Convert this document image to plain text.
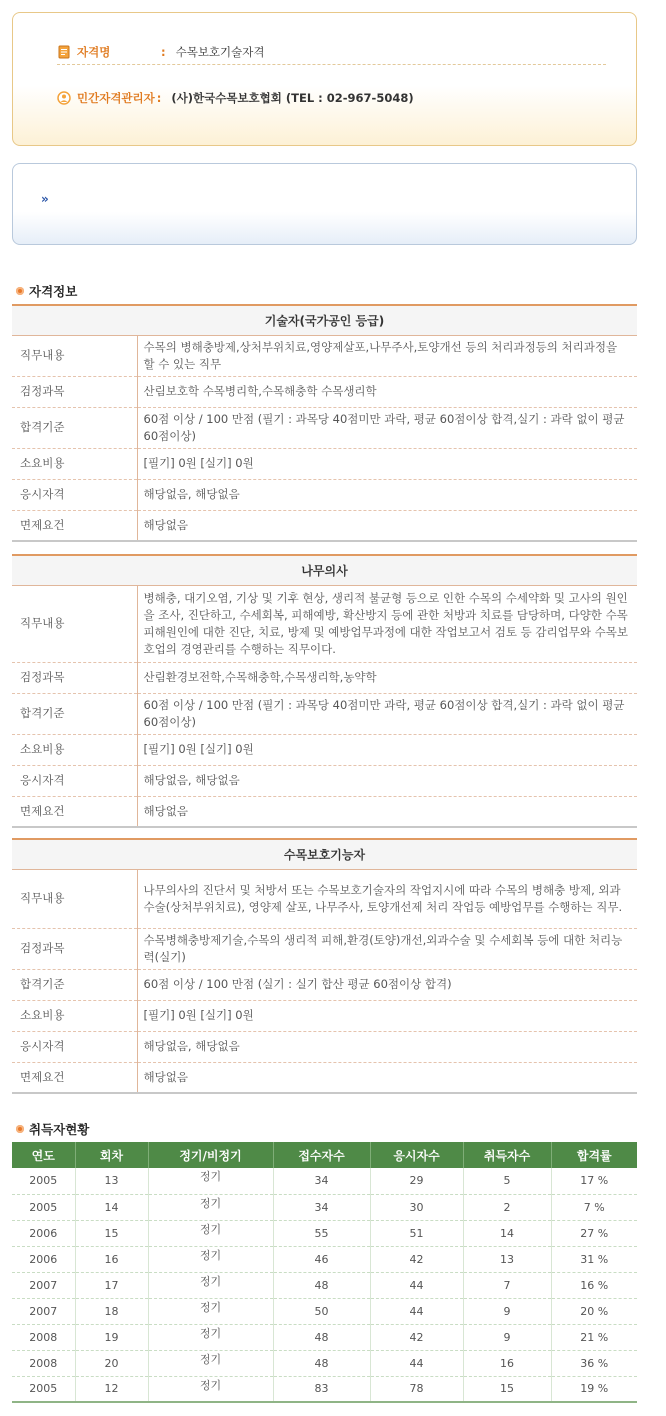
자격명	: 수목보호기술자격
민간자격관리자 : (사)한국수목보호협회 (TEL : 02-967-5048)
»
자격정보
기술자(국가공인 등급)	
직무내용	수목의 병해충방제,상처부위치료,영양제살포,나무주사,토양개선 등의 처리과정등의 처리과정을 할 수 있는 직무
검정과목	산림보호학 수목병리학,수목해충학 수목생리학
합격기준	60점 이상 / 100 만점 (필기 : 과목당 40점미만 과락, 평균 60점이상 합격,실기 : 과락 없이 평균 60점이상)
소요비용	[필기] 0원 [실기] 0원
응시자격	해당없음, 해당없음
면제요건	해당없음
나무의사	
직무내용	병해충, 대기오염, 기상 및 기후 현상, 생리적 불균형 등으로 인한 수목의 수세약화 및 고사의 원인을 조사, 진단하고, 수세회복, 피해예방, 확산방지 등에 관한 처방과 치료를 담당하며, 다양한 수목피해원인에 대한 진단, 치료, 방제 및 예방업무과정에 대한 작업보고서 검토 등 감리업무와 수목보호업의 경영관리를 수행하는 직무이다.
검정과목	산림환경보전학,수목해충학,수목생리학,농약학
합격기준	60점 이상 / 100 만점 (필기 : 과목당 40점미만 과락, 평균 60점이상 합격,실기 : 과락 없이 평균 60점이상)
소요비용	[필기] 0원 [실기] 0원
응시자격	해당없음, 해당없음
면제요건	해당없음
수목보호기능자	
직무내용	나무의사의 진단서 및 처방서 또는 수목보호기술자의 작업지시에 따라 수목의 병해충 방제, 외과수술(상처부위치료), 영양제 살포, 나무주사, 토양개선제 처리 작업등 예방업무를 수행하는 직무.
검정과목	수목병해충방제기술,수목의 생리적 피해,환경(토양)개선,외과수술 및 수세회복 등에 대한 처리능력(실기)
합격기준	60점 이상 / 100 만점 (실기 : 실기 합산 평균 60점이상 합격)
소요비용	[필기] 0원 [실기] 0원
응시자격	해당없음, 해당없음
면제요건	해당없음
취득자현황
연도	회차	정기/비정기	접수자수	응시자수	취득자수	합격률
2005	13	정기	34	29	5	17 %
2005	14	정기	34	30	2	7 %
2006	15	정기	55	51	14	27 %
2006	16	정기	46	42	13	31 %
2007	17	정기	48	44	7	16 %
2007	18	정기	50	44	9	20 %
2008	19	정기	48	42	9	21 %
2008	20	정기	48	44	16	36 %
2005	12	정기	83	78	15	19 %
